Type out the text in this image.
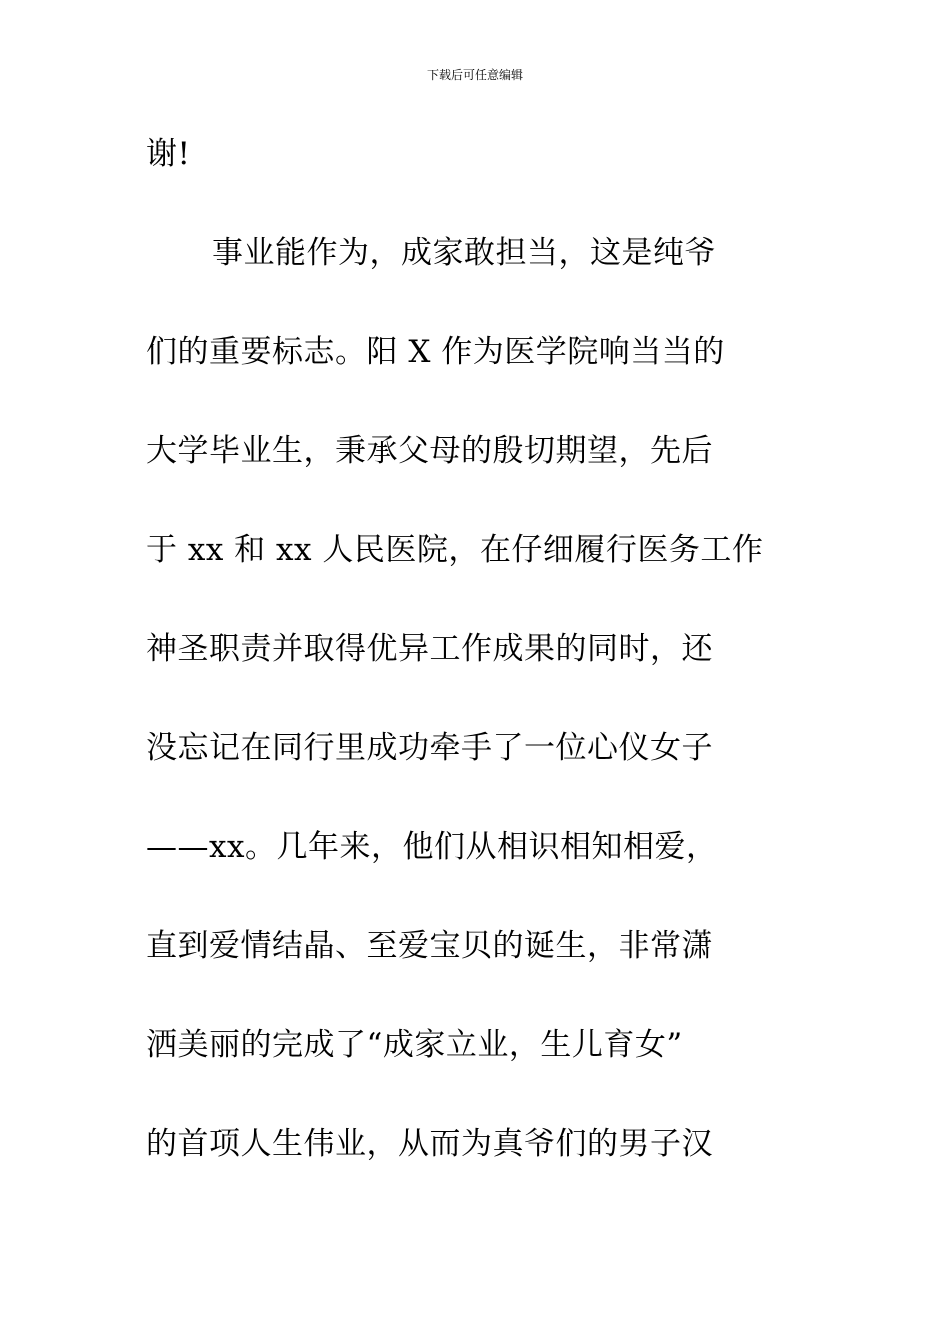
下载后可任意编辑
谢!
事业能作为，成家敢担当，这是纯爷
们的重要标志。阳 X 作为医学院响当当的
大学毕业生，秉承父母的殷切期望，先后
于 xx 和 xx 人民医院，在仔细履行医务工作
神圣职责并取得优异工作成果的同时，还
没忘记在同行里成功牵手了一位心仪女子
——xx。几年来，他们从相识相知相爱，
直到爱情结晶、至爱宝贝的诞生，非常潇
洒美丽的完成了“成家立业，生儿育女”
的首项人生伟业，从而为真爷们的男子汉
